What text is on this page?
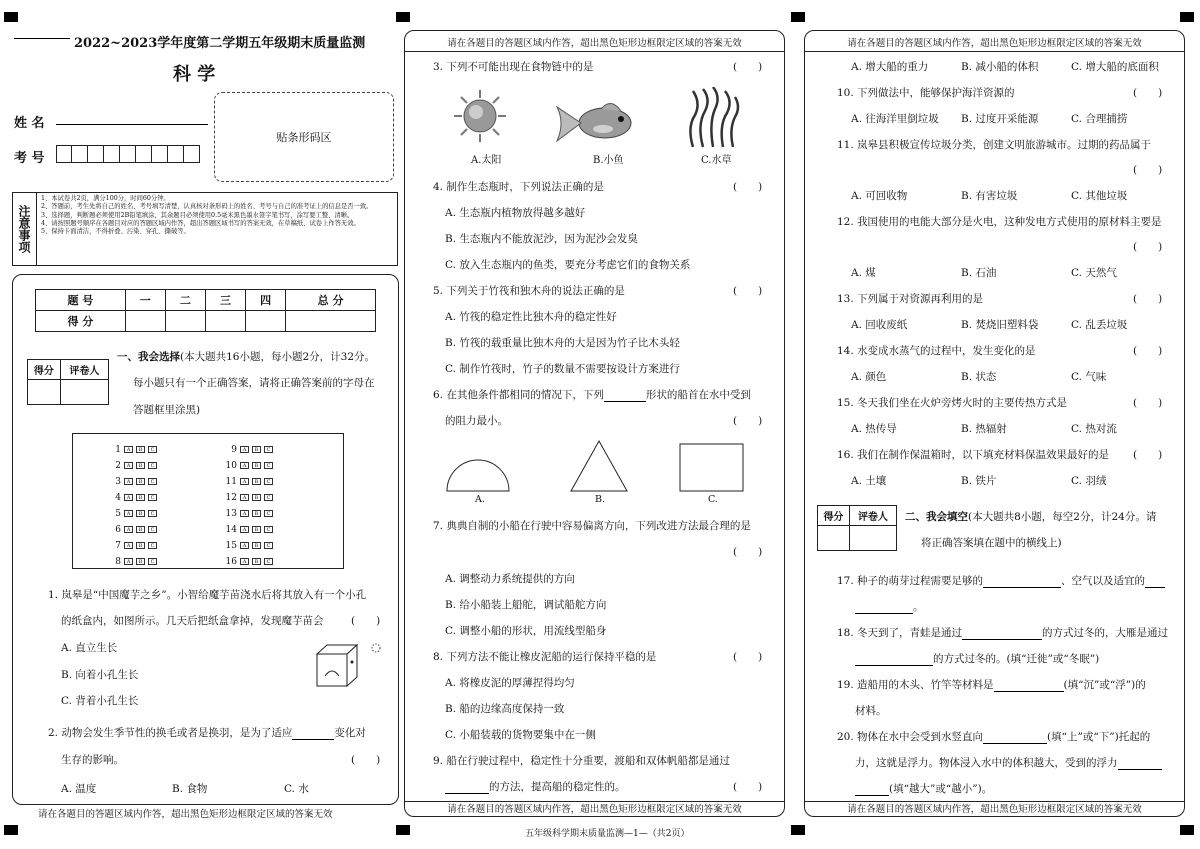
2022~2023学年度第二学期五年级期末质量监测
科 学
姓 名
考 号
贴条形码区
注意事项
1、本试卷共2页，满分100分，时间60分钟。
2、答题前，考生先将自己的姓名、考号填写清楚，认真核对条形码上的姓名、考号与自己的准考证上的信息是否一致。
3、选择题，判断题必须使用2B铅笔填涂，其余题目必须使用0.5毫米黑色墨水签字笔书写，涂写要工整、清晰。
4、请按照题号顺序在各题目对应的答题区域内作答，超出答题区域书写的答案无效，在草稿纸、试卷上作答无效。
5、保持卡面清洁，不得折叠、污染、穿孔、撕破等。
题 号	一	二	三	四	总 分
得 分					
得分	评卷人

一、我会选择(本大题共16小题，每小题2分，计32分。
每小题只有一个正确答案，请将正确答案前的字母在
答题框里涂黑)
1 A B C
2 A B C
3 A B C
4 A B C
5 A B C
6 A B C
7 A B C
8 A B C
9 A B C
10 A B C
11 A B C
12 A B C
13 A B C
14 A B C
15 A B C
16 A B C
1. 岚皋是“中国魔芋之乡”。小智给魔芋苗浇水后将其放入有一个小孔
的纸盒内，如图所示。几天后把纸盒拿掉，发现魔芋苗会	(　　)
A. 直立生长
B. 向着小孔生长
C. 背着小孔生长
2. 动物会发生季节性的换毛或者是换羽，是为了适应	变化对
生存的影响。	(　　)
A. 温度	B. 食物	C. 水
请在各题目的答题区域内作答，超出黑色矩形边框限定区域的答案无效
请在各题目的答题区域内作答，超出黑色矩形边框限定区域的答案无效
请在各题目的答题区域内作答，超出黑色矩形边框限定区域的答案无效
3. 下列不可能出现在食物链中的是	(　　)
A.太阳	B.小鱼	C.水草
4. 制作生态瓶时，下列说法正确的是	(　　)
A. 生态瓶内植物放得越多越好
B. 生态瓶内不能放泥沙，因为泥沙会发臭
C. 放入生态瓶内的鱼类，要充分考虑它们的食物关系
5. 下列关于竹筏和独木舟的说法正确的是	(　　)
A. 竹筏的稳定性比独木舟的稳定性好
B. 竹筏的载重量比独木舟的大是因为竹子比木头轻
C. 制作竹筏时，竹子的数量不需要按设计方案进行
6. 在其他条件都相同的情况下，下列	形状的船首在水中受到
的阻力最小。	(　　)
A.	B.	C.
7. 典典自制的小船在行驶中容易偏离方向，下列改进方法最合理的是
(　　)
A. 调整动力系统提供的方向
B. 给小船装上船舵，调试船舵方向
C. 调整小船的形状，用流线型船身
8. 下列方法不能让橡皮泥船的运行保持平稳的是	(　　)
A. 将橡皮泥的厚薄捏得均匀
B. 船的边缘高度保持一致
C. 小船装载的货物要集中在一侧
9. 船在行驶过程中，稳定性十分重要，渡船和双体帆船都是通过
的方法，提高船的稳定性的。	(　　)
五年级科学期末质量监测—1—（共2页）
请在各题目的答题区域内作答，超出黑色矩形边框限定区域的答案无效
请在各题目的答题区域内作答，超出黑色矩形边框限定区域的答案无效
A. 增大船的重力	B. 减小船的体积	C. 增大船的底面积
10. 下列做法中，能够保护海洋资源的	(　　)
A. 往海洋里倒垃圾 B. 过度开采能源	C. 合理捕捞
11. 岚皋县积极宣传垃圾分类，创建文明旅游城市。过期的药品属于
(　　)
A. 可回收物	B. 有害垃圾	C. 其他垃圾
12. 我国使用的电能大部分是火电，这种发电方式使用的原材料主要是
(　　)
A. 煤	B. 石油	C. 天然气
13. 下列属于对资源再利用的是	(　　)
A. 回收废纸	B. 焚烧旧塑料袋	C. 乱丢垃圾
14. 水变成水蒸气的过程中，发生变化的是	(　　)
A. 颜色	B. 状态	C. 气味
15. 冬天我们坐在火炉旁烤火时的主要传热方式是	(　　)
A. 热传导	B. 热辐射	C. 热对流
16. 我们在制作保温箱时，以下填充材料保温效果最好的是 (　　)
A. 土壤	B. 铁片	C. 羽绒
得分	评卷人
	二、我会填空(本大题共8小题，每空2分，计24分。请
将正确答案填在题中的横线上)
17. 种子的萌芽过程需要足够的	、空气以及适宜的
。
18. 冬天到了，青蛙是通过	的方式过冬的，大雁是通过
的方式过冬的。(填“迁徙”或“冬眠”)
19. 造船用的木头、竹竿等材料是	(填“沉”或“浮”)的
材料。
20. 物体在水中会受到水竖直向	(填“上”或“下”)托起的
力，这就是浮力。物体浸入水中的体积越大，受到的浮力
(填“越大”或“越小”)。
